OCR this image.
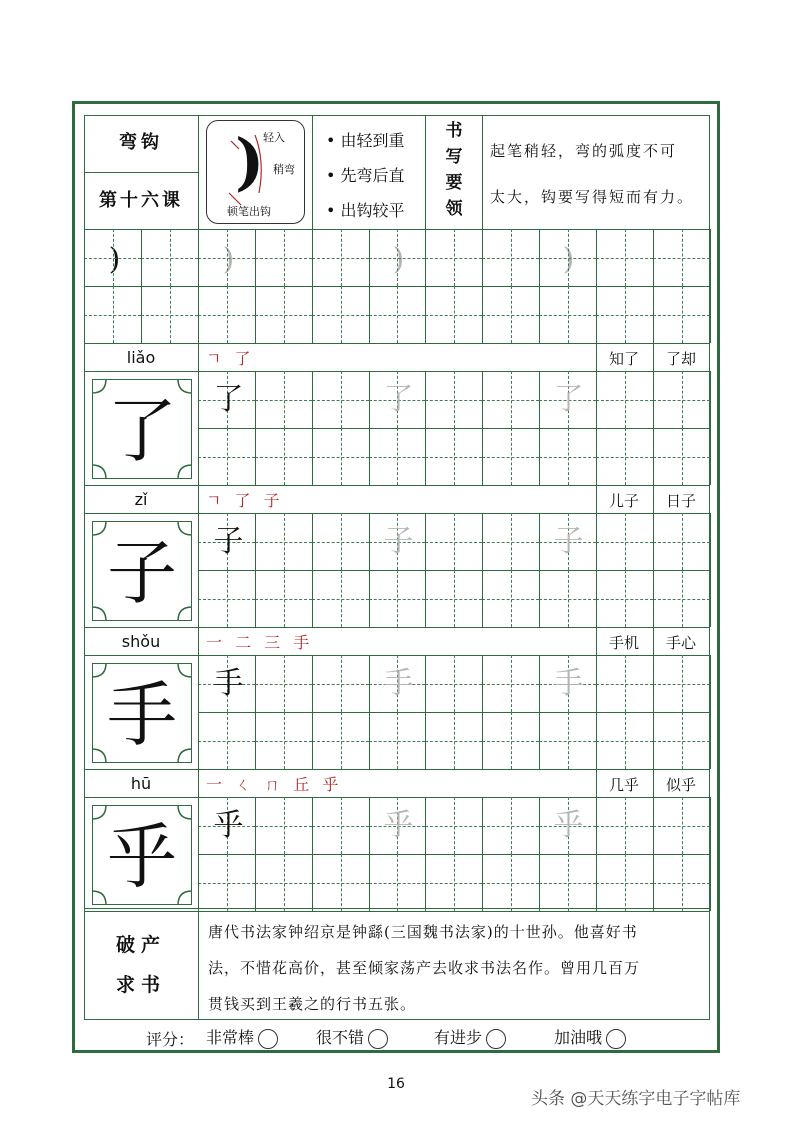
弯钩
第十六课
)
轻入
稍弯
顿笔出钩
• 由轻到重
• 先弯后直
• 出钩较平
书写要领
起笔稍轻，弯的弧度不可
太大，钩要写得短而有力。
)	)	)	)
破产
求书
唐代书法家钟绍京是钟繇(三国魏书法家)的十世孙。他喜好书
法，不惜花高价，甚至倾家荡产去收求书法名作。曾用几百万
贯钱买到王羲之的行书五张。
评分： 非常棒	很不错	有进步	加油哦
16
头条 @天天练字电子字帖库
liǎo	ㄱ 了	知了	了却
了	了	了	了
zǐ	ㄱ 了 子	儿子	日子
子	子	子	子
shǒu	一 二 三 手	手机	手心
手	手	手	手
hū	一 ㄑ ㄇ 丘 乎	几乎	似乎
乎	乎	乎	乎
